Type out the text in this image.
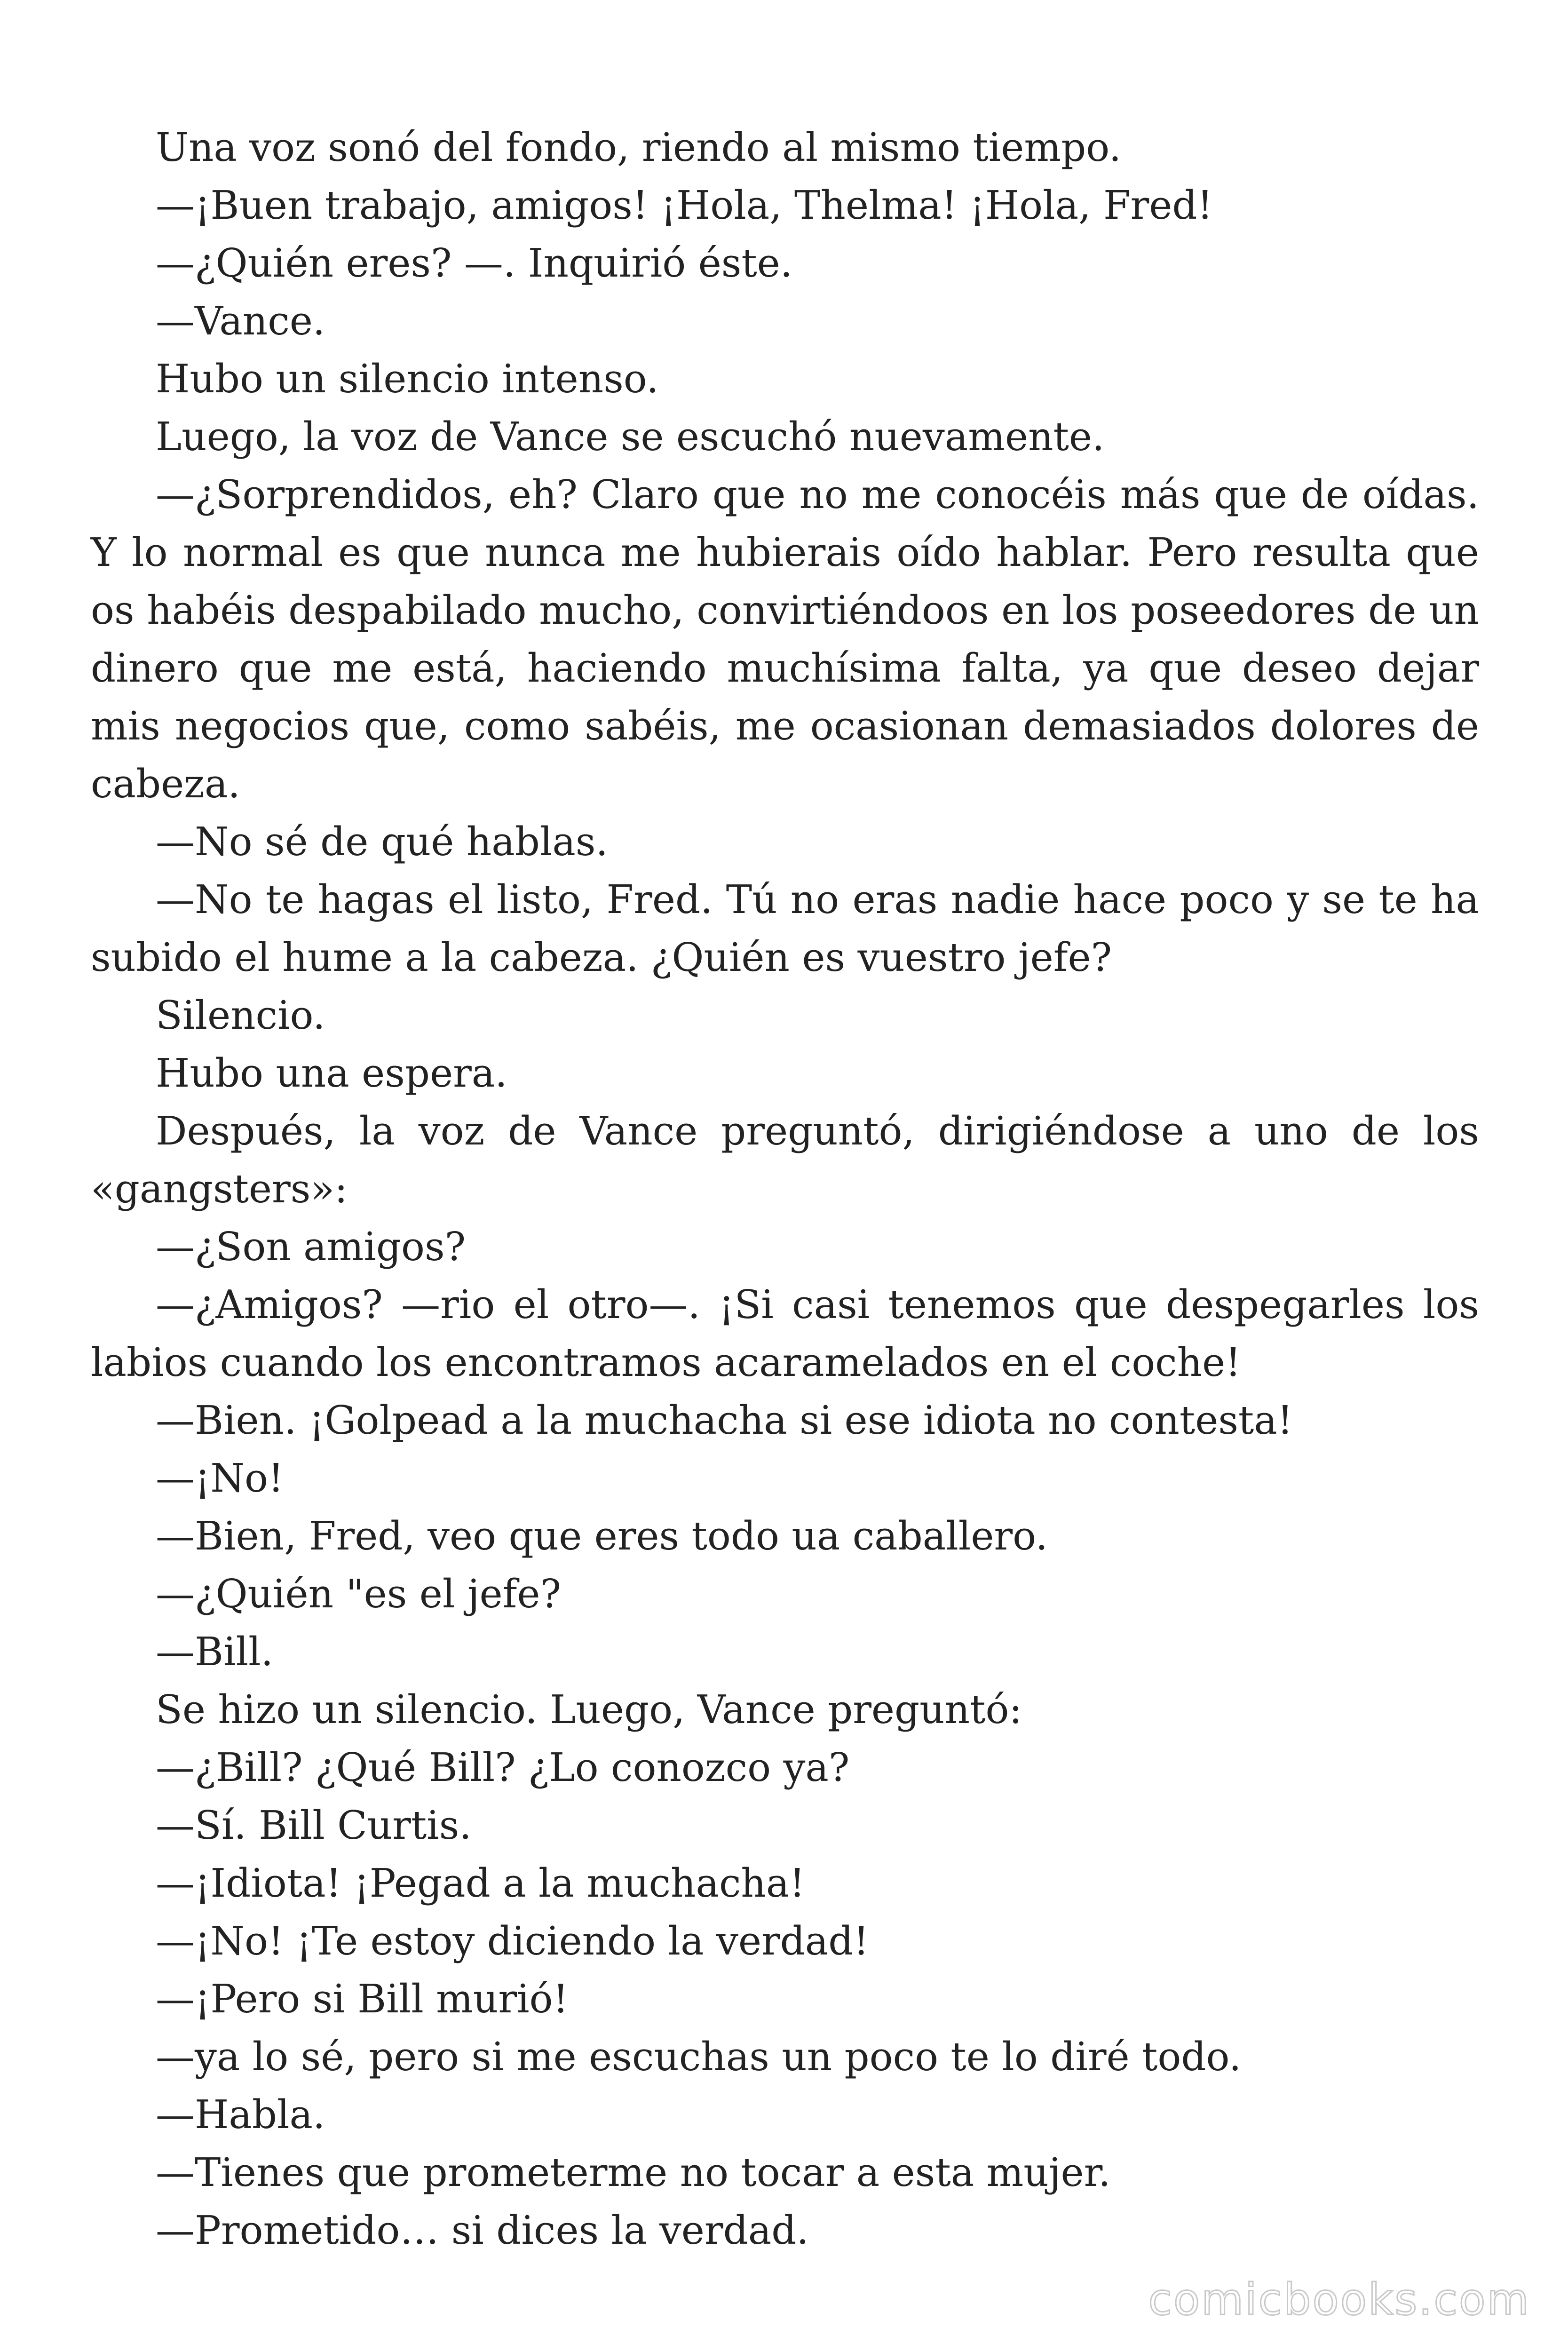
Una voz sonó del fondo, riendo al mismo tiempo.

—¡Buen trabajo, amigos! ¡Hola, Thelma! ¡Hola, Fred!

—¿Quién eres? —. Inquirió éste.

—Vance.

Hubo un silencio intenso.

Luego, la voz de Vance se escuchó nuevamente.

—¿Sorprendidos, eh? Claro que no me conocéis más que de oídas. Y lo normal es que nunca me hubierais oído hablar. Pero resulta que os habéis despabilado mucho, convirtiéndoos en los poseedores de un dinero que me está, haciendo muchísima falta, ya que deseo dejar mis negocios que, como sabéis, me ocasionan demasiados dolores de cabeza.

—No sé de qué hablas.

—No te hagas el listo, Fred. Tú no eras nadie hace poco y se te ha subido el hume a la cabeza. ¿Quién es vuestro jefe?

Silencio.

Hubo una espera.

Después, la voz de Vance preguntó, dirigiéndose a uno de los «gangsters»:

—¿Son amigos?

—¿Amigos? —rio el otro—. ¡Si casi tenemos que despegarles los labios cuando los encontramos acaramelados en el coche!

—Bien. ¡Golpead a la muchacha si ese idiota no contesta!

—¡No!

—Bien, Fred, veo que eres todo ua caballero.

—¿Quién "es el jefe?

—Bill.

Se hizo un silencio. Luego, Vance preguntó:

—¿Bill? ¿Qué Bill? ¿Lo conozco ya?

—Sí. Bill Curtis.

—¡Idiota! ¡Pegad a la muchacha!

—¡No! ¡Te estoy diciendo la verdad!

—¡Pero si Bill murió!

—ya lo sé, pero si me escuchas un poco te lo diré todo.

—Habla.

—Tienes que prometerme no tocar a esta mujer.

—Prometido… si dices la verdad.

comicbooks.com
